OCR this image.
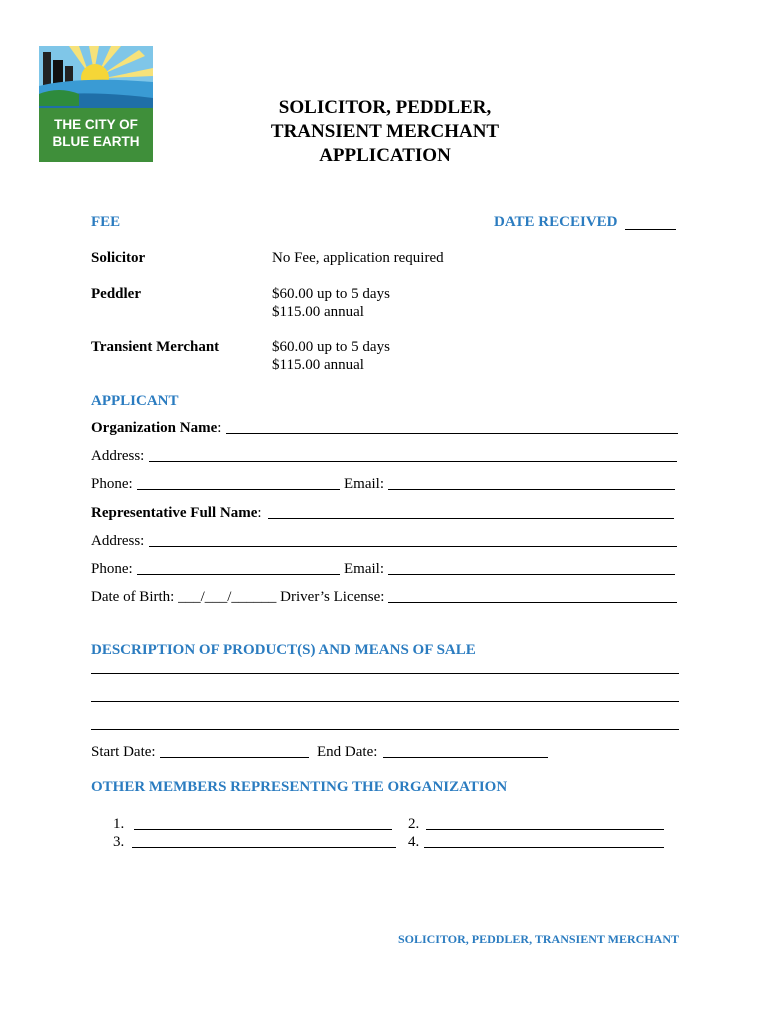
THE CITY OF
BLUE EARTH
SOLICITOR, PEDDLER,
TRANSIENT MERCHANT
APPLICATION
FEE	DATE RECEIVED
Solicitor	No Fee, application required
Peddler	$60.00 up to 5 days
$115.00 annual
Transient Merchant	$60.00 up to 5 days
$115.00 annual
APPLICANT
Organization Name:
Address:
Phone:	Email:
Representative Full Name:
Address:
Phone:	Email:
Date of Birth: ___/___/______ Driver’s License:
DESCRIPTION OF PRODUCT(S) AND MEANS OF SALE
Start Date:	End Date:
OTHER MEMBERS REPRESENTING THE ORGANIZATION
1.	2.
3.	4.
SOLICITOR, PEDDLER, TRANSIENT MERCHANT
